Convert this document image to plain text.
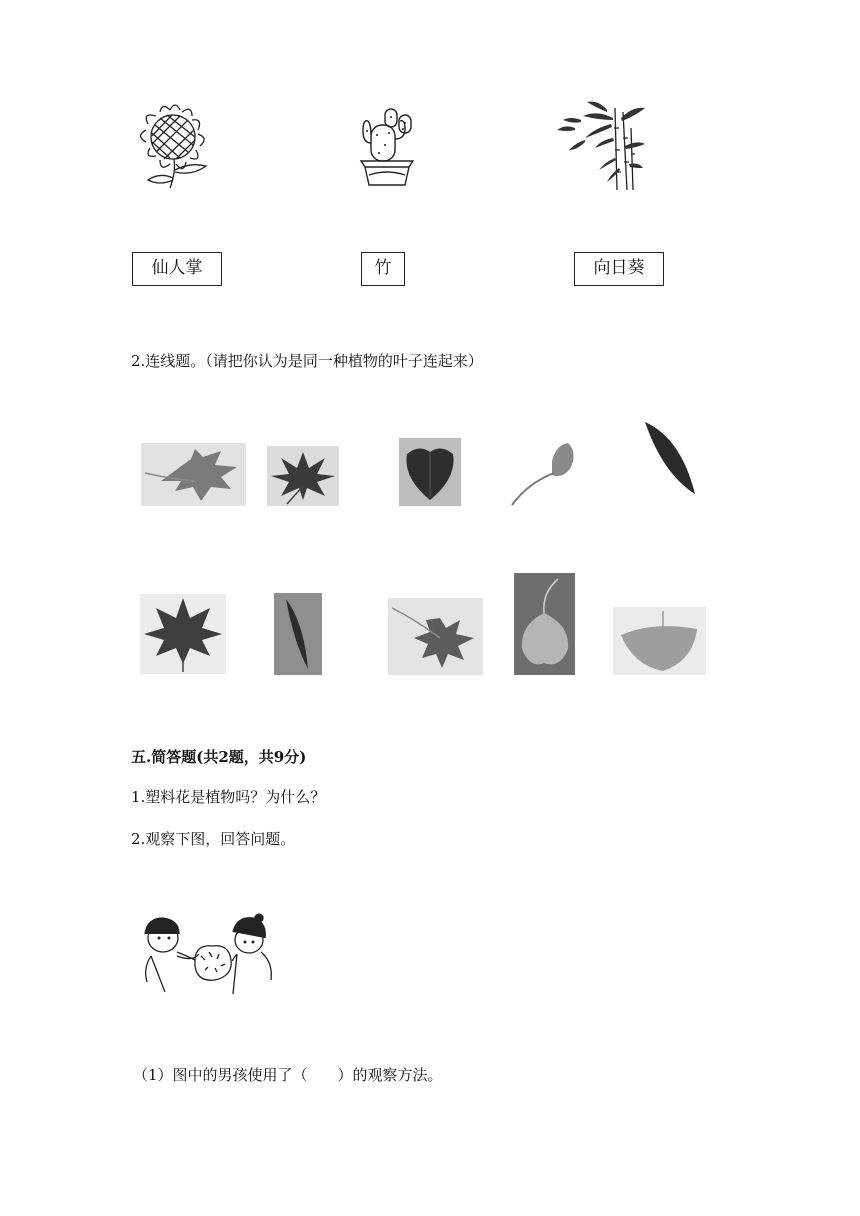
仙人掌	竹	向日葵
2.连线题。（请把你认为是同一种植物的叶子连起来）
五.简答题(共2题，共9分)
1.塑料花是植物吗？为什么？
2.观察下图，回答问题。
（1）图中的男孩使用了（　　）的观察方法。
